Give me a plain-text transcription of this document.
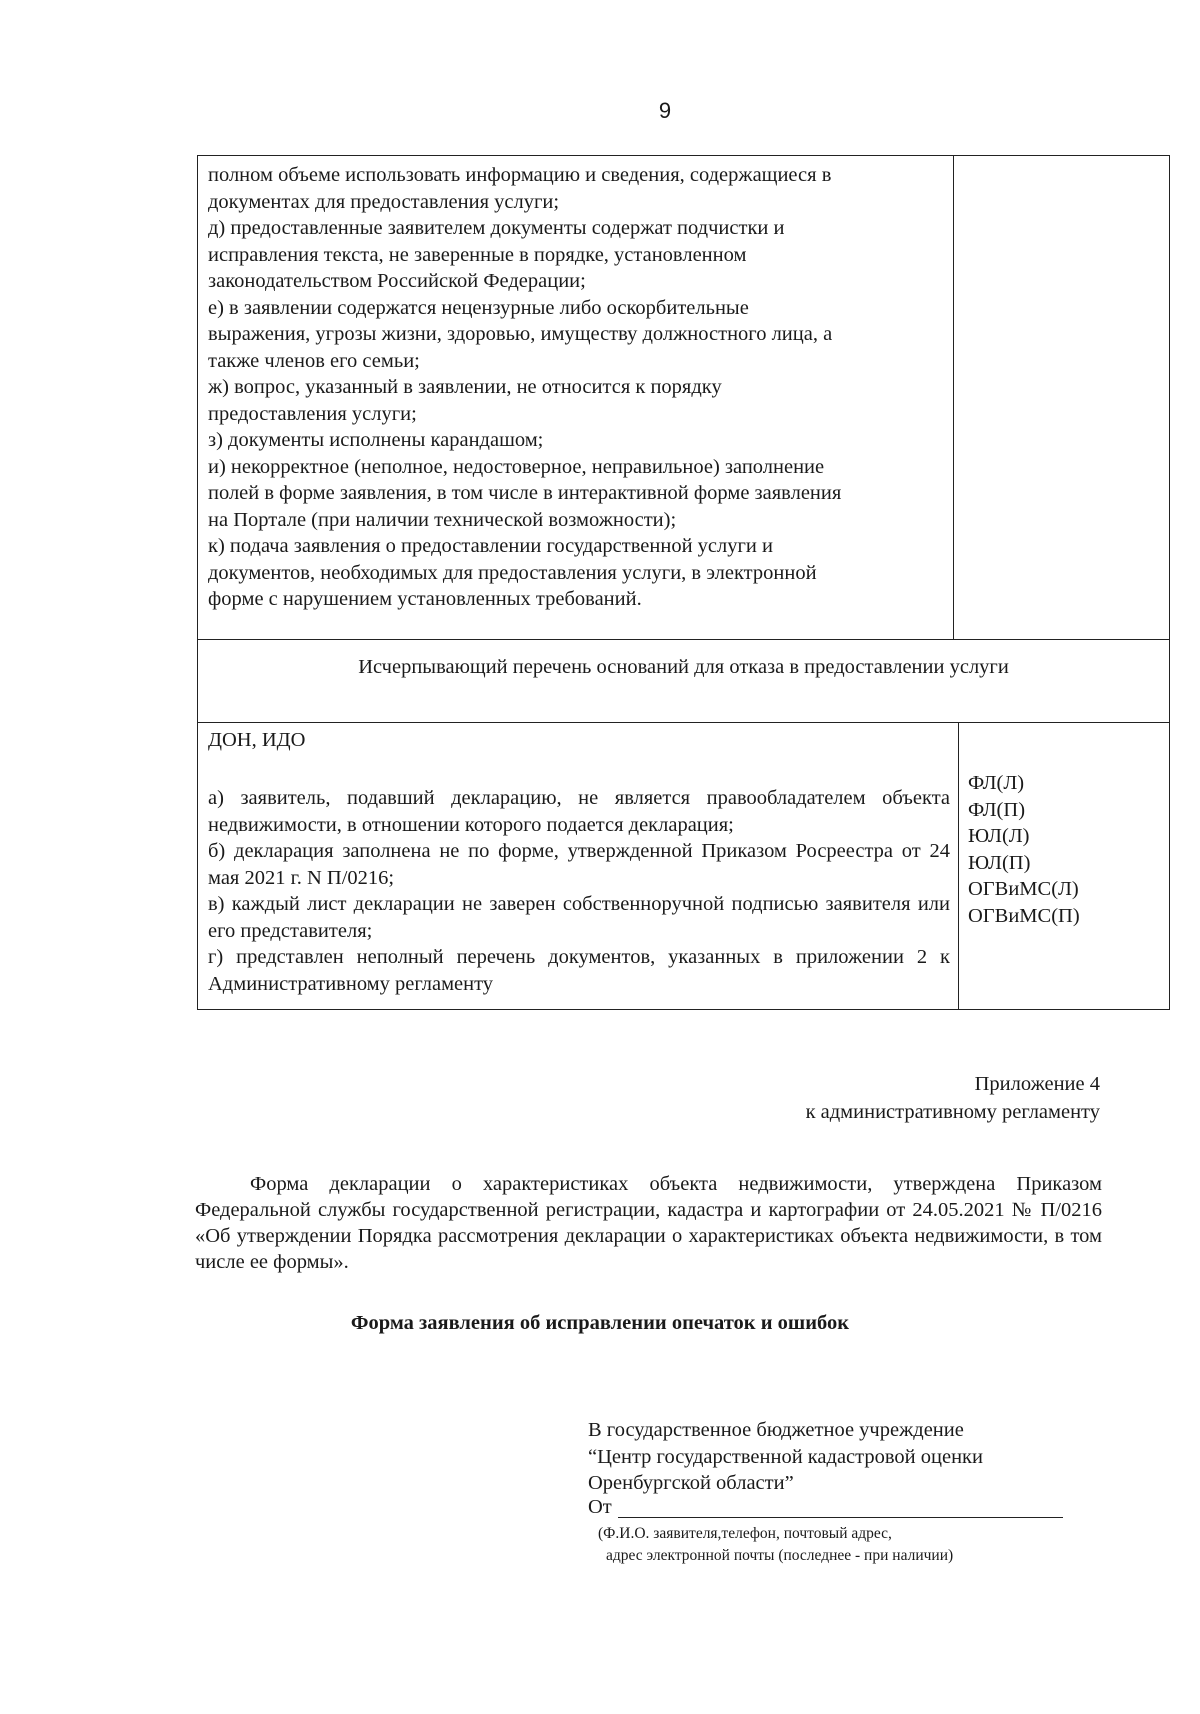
9
полном объеме использовать информацию и сведения, содержащиеся в
документах для предоставления услуги;
д) предоставленные заявителем документы содержат подчистки и
исправления текста, не заверенные в порядке, установленном
законодательством Российской Федерации;
е) в заявлении содержатся нецензурные либо оскорбительные
выражения, угрозы жизни, здоровью, имуществу должностного лица, а
также членов его семьи;
ж) вопрос, указанный в заявлении, не относится к порядку
предоставления услуги;
з) документы исполнены карандашом;
и) некорректное (неполное, недостоверное, неправильное) заполнение
полей в форме заявления, в том числе в интерактивной форме заявления
на Портале (при наличии технической возможности);
к) подача заявления о предоставлении государственной услуги и
документов, необходимых для предоставления услуги, в электронной
форме с нарушением установленных требований.
Исчерпывающий перечень оснований для отказа в предоставлении услуги
ДОН, ИДО
а) заявитель, подавший декларацию, не является правообладателем объекта недвижимости, в отношении которого подается декларация;
б) декларация заполнена не по форме, утвержденной Приказом Росреестра от 24 мая 2021 г. N П/0216;
в) каждый лист декларации не заверен собственноручной подписью заявителя или его представителя;
г) представлен неполный перечень документов, указанных в приложении 2 к Административному регламенту
ФЛ(Л)
ФЛ(П)
ЮЛ(Л)
ЮЛ(П)
ОГВиМС(Л)
ОГВиМС(П)
Приложение 4
к административному регламенту
Форма декларации о характеристиках объекта недвижимости, утверждена Приказом Федеральной службы государственной регистрации, кадастра и картографии от 24.05.2021 № П/0216 «Об утверждении Порядка рассмотрения декларации о характеристиках объекта недвижимости, в том числе ее формы».
Форма заявления об исправлении опечаток и ошибок
В государственное бюджетное учреждение
“Центр государственной кадастровой оценки
Оренбургской области”
От
(Ф.И.О. заявителя,телефон, почтовый адрес,
адрес электронной почты (последнее - при наличии)
